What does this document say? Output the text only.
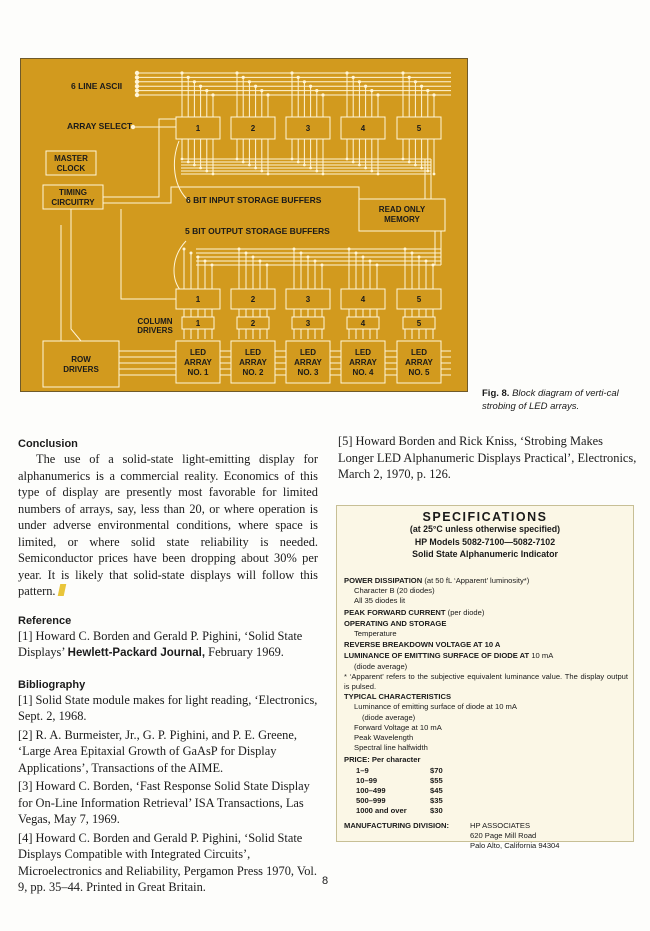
6 LINE ASCII
ARRAY SELECT
MASTER
CLOCK
TIMING
CIRCUITRY	6 BIT INPUT STORAGE BUFFERS
READ ONLY
MEMORY
5 BIT OUTPUT STORAGE BUFFERS
COLUMN
DRIVERS
ROW
DRIVERS
1
1
1
LED
ARRAY
NO. 1
2
2
2
LED
ARRAY
NO. 2
3
3
3
LED
ARRAY
NO. 3
4
4
4
LED
ARRAY
NO. 4
5
5
5
LED
ARRAY
NO. 5
Fig. 8. Block diagram of verti-cal strobing of LED arrays.

Conclusion

The use of a solid-state light-emitting display for alphanumerics is a commercial reality. Economics of this type of display are presently most favorable for limited numbers of arrays, say, less than 20, or where operation is under adverse environmental conditions, where space is limited, or where solid state reliability is needed. Semiconductor prices have been dropping about 30% per year. It is likely that solid-state displays will follow this pattern.

Reference

[1] Howard C. Borden and Gerald P. Pighini, ‘Solid State Displays’ Hewlett-Packard Journal, February 1969.

Bibliography

[1] Solid State module makes for light reading, ‘Electronics, Sept. 2, 1968.

[2] R. A. Burmeister, Jr., G. P. Pighini, and P. E. Greene, ‘Large Area Epitaxial Growth of GaAsP for Display Applications’, Transactions of the AIME.

[3] Howard C. Borden, ‘Fast Response Solid State Display for On-Line Information Retrieval’ ISA Transactions, Las Vegas, May 7, 1969.

[4] Howard C. Borden and Gerald P. Pighini, ‘Solid State Displays Compatible with Integrated Circuits’, Microelectronics and Reliability, Pergamon Press 1970, Vol. 9, pp. 35–44. Printed in Great Britain.

[5] Howard Borden and Rick Kniss, ‘Strobing Makes Longer LED Alphanumeric Displays Practical’, Electronics, March 2, 1970, p. 126.

SPECIFICATIONS
(at 25°C unless otherwise specified)
HP Models 5082-7100—5082-7102
Solid State Alphanumeric Indicator
POWER DISSIPATION (at 50 fL ‘Apparent’ luminosity*)
Character B (20 diodes)
All 35 diodes lit
PEAK FORWARD CURRENT (per diode)
OPERATING AND STORAGE
Temperature
REVERSE BREAKDOWN VOLTAGE AT 10 A
LUMINANCE OF EMITTING SURFACE OF DIODE AT 10 mA
(diode average)
* ‘Apparent’ refers to the subjective equivalent luminance value. The display output is pulsed.
TYPICAL CHARACTERISTICS
Luminance of emitting surface of diode at 10 mA
(diode average)
Forward Voltage at 10 mA
Peak Wavelength
Spectral line halfwidth
PRICE: Per character
1–9	$70
10–99	$55
100–499	$45
500–999	$35
1000 and over	$30
MANUFACTURING DIVISION:	HP ASSOCIATES
620 Page Mill Road
Palo Alto, California 94304
8
